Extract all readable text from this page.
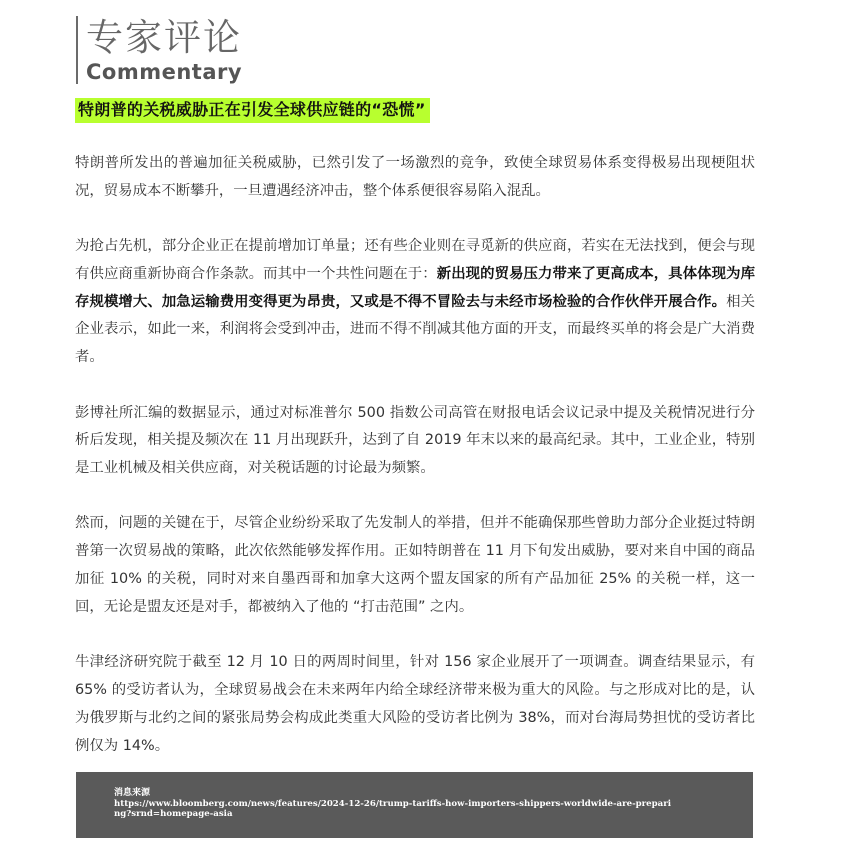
专家评论
Commentary
特朗普的关税威胁正在引发全球供应链的“恐慌”

特朗普所发出的普遍加征关税威胁，已然引发了一场激烈的竞争，致使全球贸易体系变得极易出现梗阻状况，贸易成本不断攀升，一旦遭遇经济冲击，整个体系便很容易陷入混乱。

为抢占先机，部分企业正在提前增加订单量；还有些企业则在寻觅新的供应商，若实在无法找到，便会与现有供应商重新协商合作条款。而其中一个共性问题在于：新出现的贸易压力带来了更高成本，具体体现为库存规模增大、加急运输费用变得更为昂贵，又或是不得不冒险去与未经市场检验的合作伙伴开展合作。相关企业表示，如此一来，利润将会受到冲击，进而不得不削减其他方面的开支，而最终买单的将会是广大消费者。

彭博社所汇编的数据显示，通过对标准普尔 500 指数公司高管在财报电话会议记录中提及关税情况进行分析后发现，相关提及频次在 11 月出现跃升，达到了自 2019 年末以来的最高纪录。其中，工业企业，特别是工业机械及相关供应商，对关税话题的讨论最为频繁。

然而，问题的关键在于，尽管企业纷纷采取了先发制人的举措，但并不能确保那些曾助力部分企业挺过特朗普第一次贸易战的策略，此次依然能够发挥作用。正如特朗普在 11 月下旬发出威胁，要对来自中国的商品加征 10% 的关税，同时对来自墨西哥和加拿大这两个盟友国家的所有产品加征 25% 的关税一样，这一回，无论是盟友还是对手，都被纳入了他的 “打击范围” 之内。

牛津经济研究院于截至 12 月 10 日的两周时间里，针对 156 家企业展开了一项调查。调查结果显示，有 65% 的受访者认为，全球贸易战会在未来两年内给全球经济带来极为重大的风险。与之形成对比的是，认为俄罗斯与北约之间的紧张局势会构成此类重大风险的受访者比例为 38%，而对台海局势担忧的受访者比例仅为 14%。

消息来源
https://www.bloomberg.com/news/features/2024-12-26/trump-tariffs-how-importers-shippers-worldwide-are-preparing?srnd=homepage-asia
